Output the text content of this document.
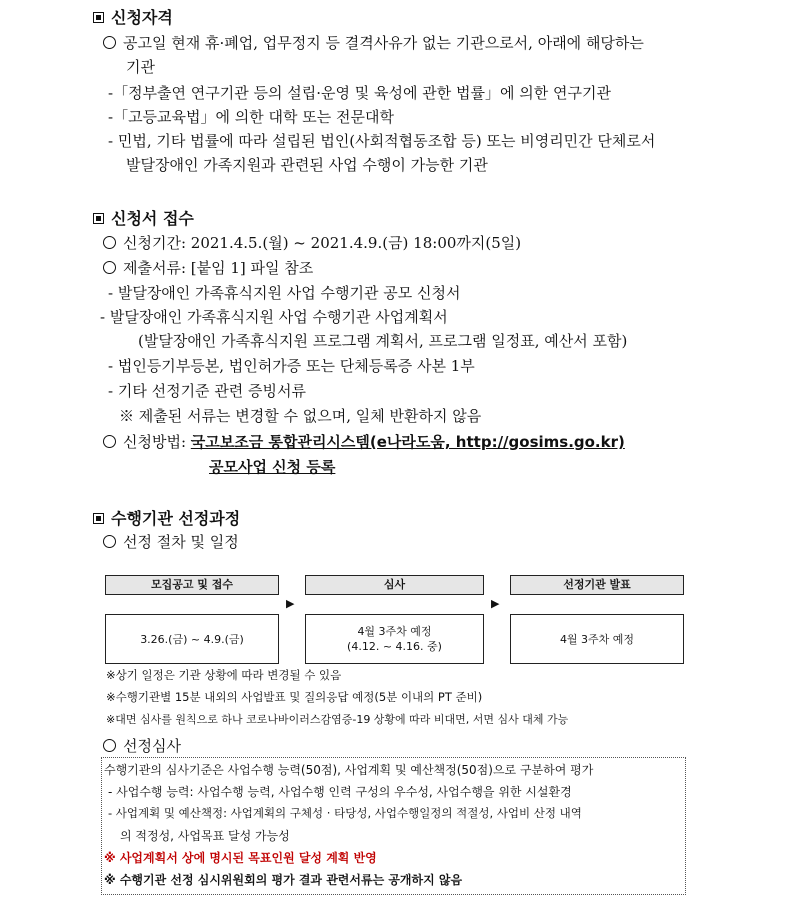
신청자격
공고일 현재 휴·폐업, 업무정지 등 결격사유가 없는 기관으로서, 아래에 해당하는
기관
-「정부출연 연구기관 등의 설립·운영 및 육성에 관한 법률」에 의한 연구기관
-「고등교육법」에 의한 대학 또는 전문대학
- 민법, 기타 법률에 따라 설립된 법인(사회적협동조합 등) 또는 비영리민간 단체로서
발달장애인 가족지원과 관련된 사업 수행이 가능한 기관
신청서 접수
신청기간: 2021.4.5.(월) ~ 2021.4.9.(금) 18:00까지(5일)
제출서류: [붙임 1] 파일 참조
- 발달장애인 가족휴식지원 사업 수행기관 공모 신청서
- 발달장애인 가족휴식지원 사업 수행기관 사업계획서
(발달장애인 가족휴식지원 프로그램 계획서, 프로그램 일정표, 예산서 포함)
- 법인등기부등본, 법인허가증 또는 단체등록증 사본 1부
- 기타 선정기준 관련 증빙서류
※ 제출된 서류는 변경할 수 없으며, 일체 반환하지 않음
신청방법: 국고보조금 통합관리시스템(e나라도움, http://gosims.go.kr)
공모사업 신청 등록
수행기관 선정과정
선정 절차 및 일정
모집공고 및 접수	심사	선정기관 발표
▶	▶
3.26.(금) ~ 4.9.(금)
4월 3주차 예정
(4.12. ~ 4.16. 중)
4월 3주차 예정
※상기 일정은 기관 상황에 따라 변경될 수 있음
※수행기관별 15분 내외의 사업발표 및 질의응답 예정(5분 이내의 PT 준비)
※대면 심사를 원칙으로 하나 코로나바이러스감염증-19 상황에 따라 비대면, 서면 심사 대체 가능
선정심사
수행기관의 심사기준은 사업수행 능력(50점), 사업계획 및 예산책정(50점)으로 구분하여 평가
- 사업수행 능력: 사업수행 능력, 사업수행 인력 구성의 우수성, 사업수행을 위한 시설환경
- 사업계획 및 예산책정: 사업계획의 구체성 · 타당성, 사업수행일정의 적절성, 사업비 산정 내역
의 적정성, 사업목표 달성 가능성
※ 사업계획서 상에 명시된 목표인원 달성 계획 반영
※ 수행기관 선정 심시위원회의 평가 결과 관련서류는 공개하지 않음
